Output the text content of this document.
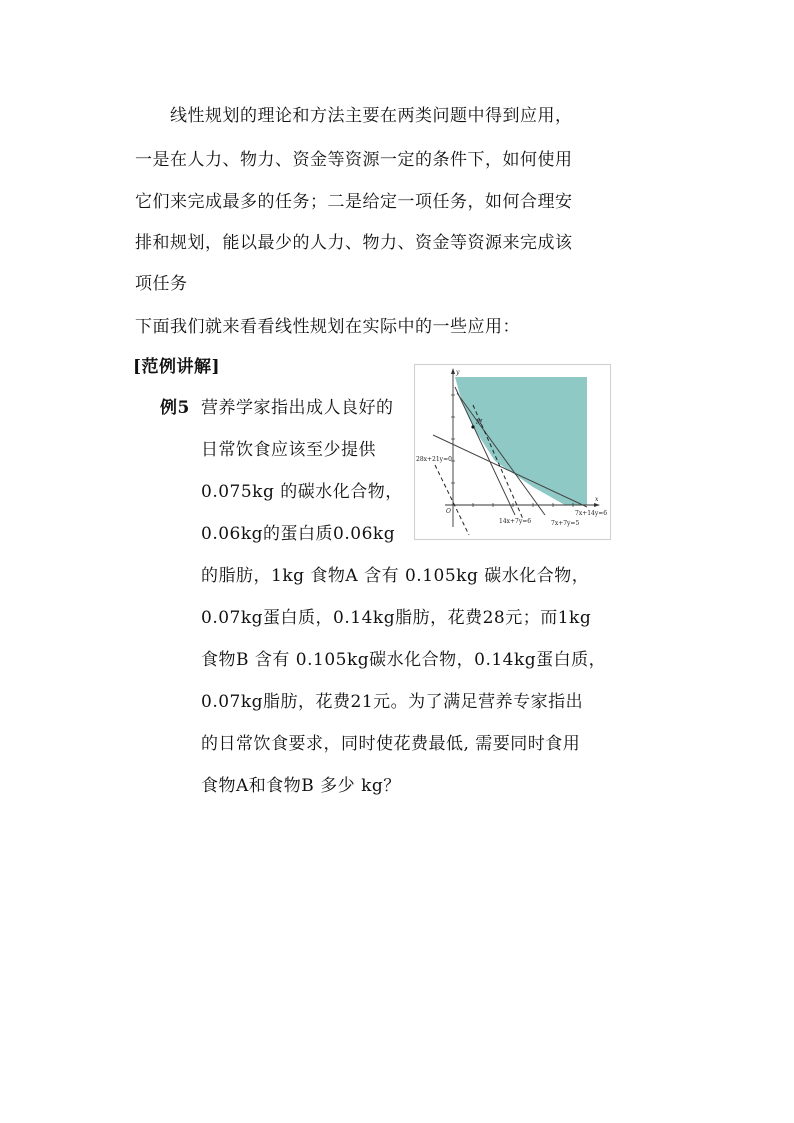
线性规划的理论和方法主要在两类问题中得到应用，
一是在人力、物力、资金等资源一定的条件下，如何使用
它们来完成最多的任务；二是给定一项任务，如何合理安
排和规划，能以最少的人力、物力、资金等资源来完成该
项任务
下面我们就来看看线性规划在实际中的一些应用：
[范例讲解]
例5 营养学家指出成人良好的
日常饮食应该至少提供
0.075kg 的碳水化合物，
0.06kg的蛋白质0.06kg
的脂肪，1kg 食物A 含有 0.105kg 碳水化合物，
0.07kg蛋白质，0.14kg脂肪，花费28元；而1kg
食物B 含有 0.105kg碳水化合物，0.14kg蛋白质，
0.07kg脂肪，花费21元。为了满足营养专家指出
的日常饮食要求，同时使花费最低, 需要同时食用
食物A和食物B 多少 kg？
M
O
x
y
28x+21y=0
14x+7y=6	7x+7y=5
7x+14y=6
